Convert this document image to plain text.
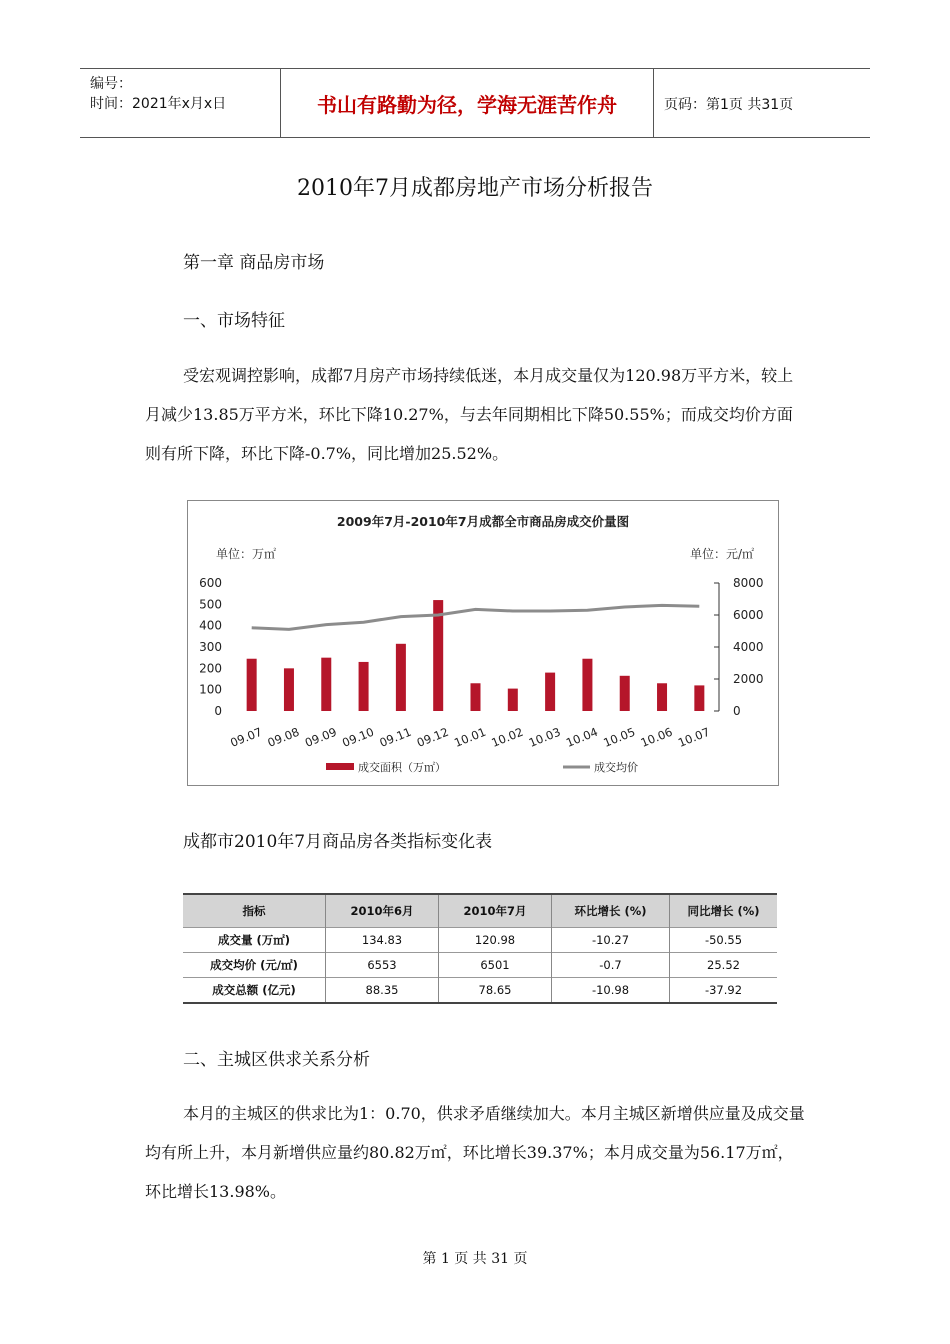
编号：
时间：2021年x月x日	书山有路勤为径，学海无涯苦作舟	页码：第1页 共31页
2010年7月成都房地产市场分析报告
第一章 商品房市场
一、市场特征

受宏观调控影响，成都7月房产市场持续低迷，本月成交量仅为120.98万平方米，较上月减少13.85万平方米，环比下降10.27%，与去年同期相比下降50.55%；而成交均价方面则有所下降，环比下降-0.7%，同比增加25.52%。

2009年7月-2010年7月成都全市商品房成交价量图
单位：万㎡	单位：元/㎡
0
100
200
300
400
500
600
0
2000
4000
6000
8000
09.07 09.08 09.09 09.10 09.11 09.12 10.01 10.02 10.03 10.04 10.05 10.06 10.07
成交面积（万㎡）	成交均价
成都市2010年7月商品房各类指标变化表
指标	2010年6月	2010年7月	环比增长 (%)	同比增长 (%)
成交量 (万㎡)	134.83	120.98	-10.27	-50.55
成交均价 (元/㎡)	6553	6501	-0.7	25.52
成交总额 (亿元)	88.35	78.65	-10.98	-37.92
二、主城区供求关系分析

本月的主城区的供求比为1：0.70，供求矛盾继续加大。本月主城区新增供应量及成交量均有所上升，本月新增供应量约80.82万㎡，环比增长39.37%；本月成交量为56.17万㎡，环比增长13.98%。

第 1 页 共 31 页
